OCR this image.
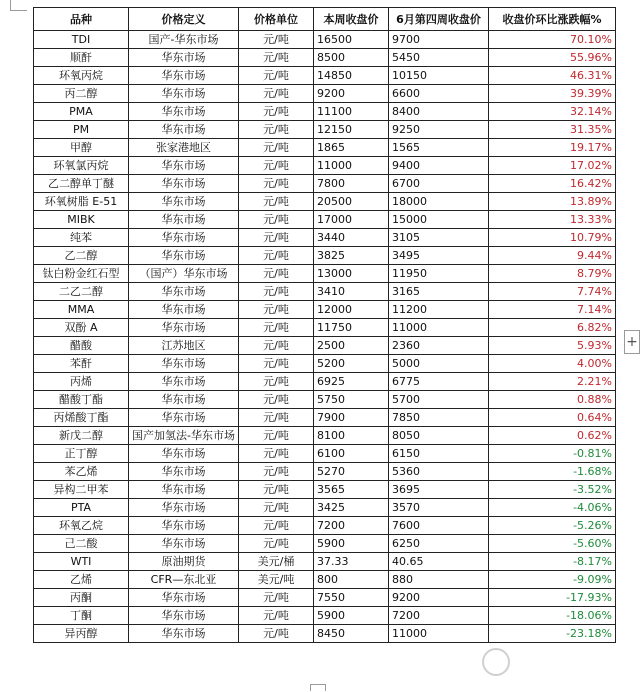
品种	价格定义	价格单位	本周收盘价	6月第四周收盘价	收盘价环比涨跌幅%
TDI	国产-华东市场	元/吨	16500	9700	70.10%
顺酐	华东市场	元/吨	8500	5450	55.96%
环氧丙烷	华东市场	元/吨	14850	10150	46.31%
丙二醇	华东市场	元/吨	9200	6600	39.39%
PMA	华东市场	元/吨	11100	8400	32.14%
PM	华东市场	元/吨	12150	9250	31.35%
甲醇	张家港地区	元/吨	1865	1565	19.17%
环氧氯丙烷	华东市场	元/吨	11000	9400	17.02%
乙二醇单丁醚	华东市场	元/吨	7800	6700	16.42%
环氧树脂 E-51	华东市场	元/吨	20500	18000	13.89%
MIBK	华东市场	元/吨	17000	15000	13.33%
纯苯	华东市场	元/吨	3440	3105	10.79%
乙二醇	华东市场	元/吨	3825	3495	9.44%
钛白粉金红石型	（国产）华东市场	元/吨	13000	11950	8.79%
二乙二醇	华东市场	元/吨	3410	3165	7.74%
MMA	华东市场	元/吨	12000	11200	7.14%
双酚 A	华东市场	元/吨	11750	11000	6.82%
醋酸	江苏地区	元/吨	2500	2360	5.93%
苯酐	华东市场	元/吨	5200	5000	4.00%
丙烯	华东市场	元/吨	6925	6775	2.21%
醋酸丁酯	华东市场	元/吨	5750	5700	0.88%
丙烯酸丁酯	华东市场	元/吨	7900	7850	0.64%
新戊二醇	国产加氢法-华东市场	元/吨	8100	8050	0.62%
正丁醇	华东市场	元/吨	6100	6150	-0.81%
苯乙烯	华东市场	元/吨	5270	5360	-1.68%
异构二甲苯	华东市场	元/吨	3565	3695	-3.52%
PTA	华东市场	元/吨	3425	3570	-4.06%
环氧乙烷	华东市场	元/吨	7200	7600	-5.26%
己二酸	华东市场	元/吨	5900	6250	-5.60%
WTI	原油期货	美元/桶	37.33	40.65	-8.17%
乙烯	CFR—东北亚	美元/吨	800	880	-9.09%
丙酮	华东市场	元/吨	7550	9200	-17.93%
丁酮	华东市场	元/吨	5900	7200	-18.06%
异丙醇	华东市场	元/吨	8450	11000	-23.18%
+
